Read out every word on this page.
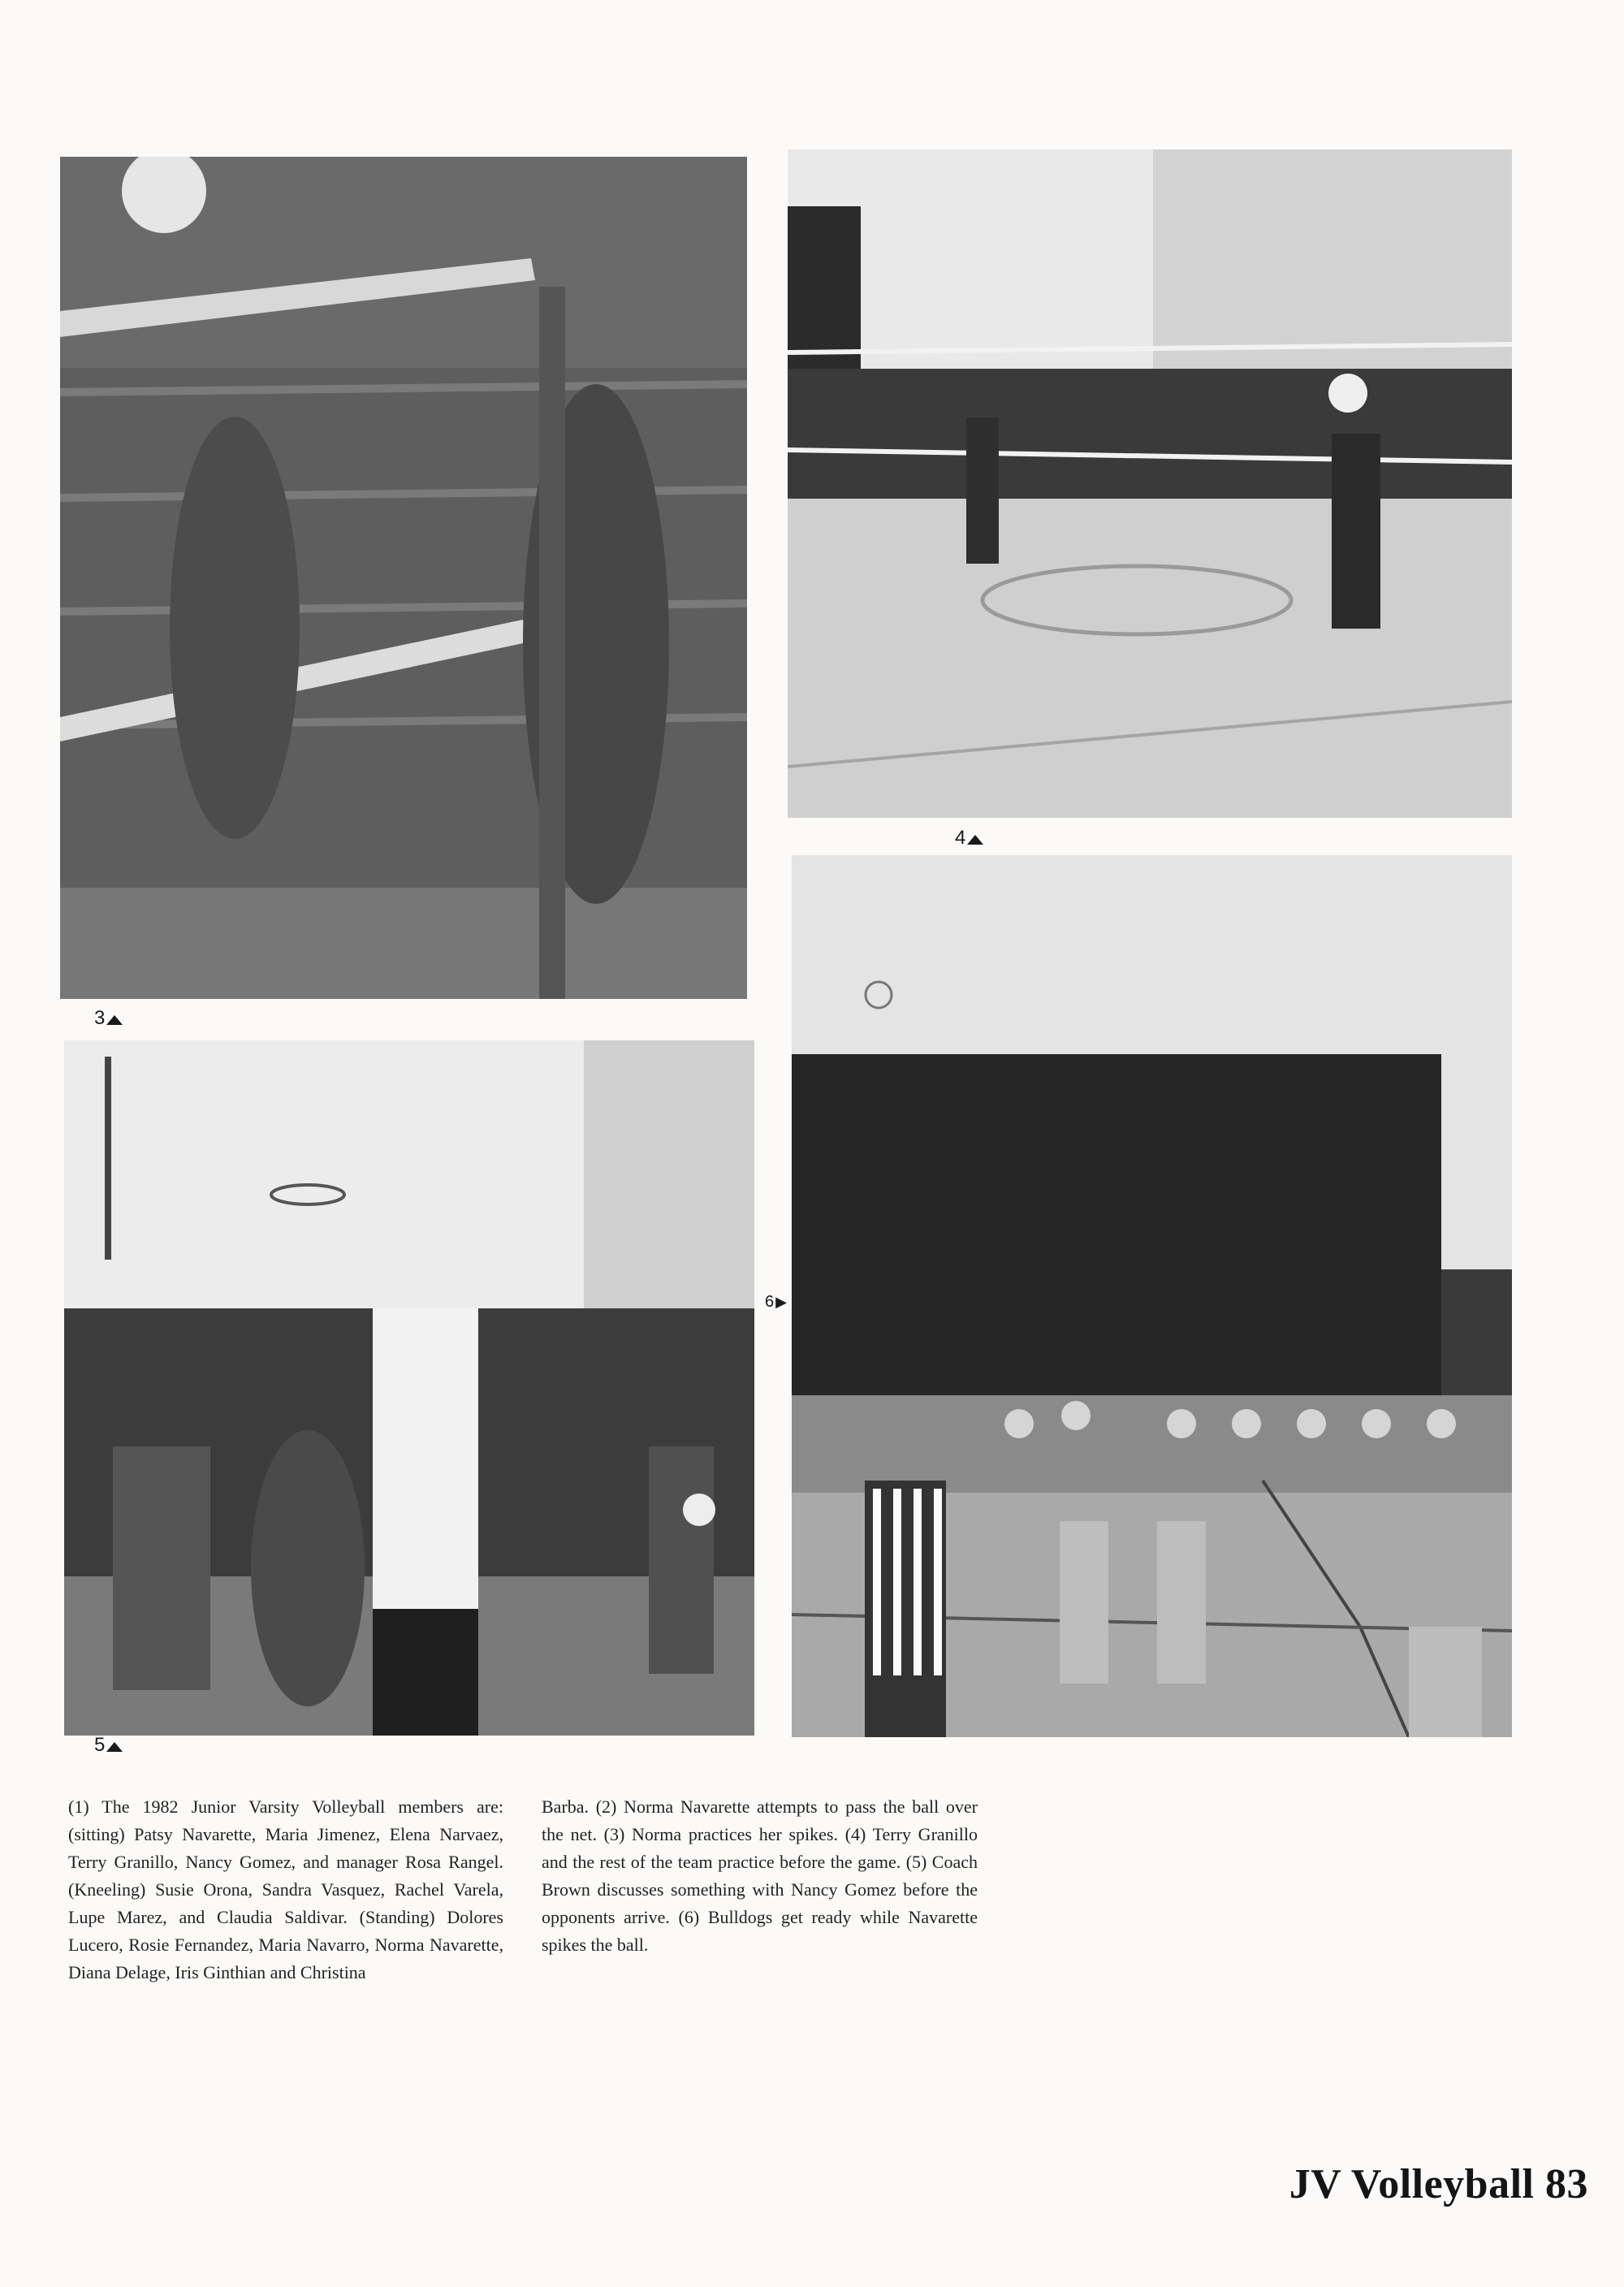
3
4
5
6 ▶

(1) The 1982 Junior Varsity Volleyball members are: (sitting) Patsy Navarette, Maria Jimenez, Elena Narvaez, Terry Granillo, Nancy Gomez, and manager Rosa Rangel. (Kneeling) Susie Orona, Sandra Vasquez, Rachel Varela, Lupe Marez, and Claudia Saldivar. (Standing) Dolores Lucero, Rosie Fernandez, Maria Navarro, Norma Navarette, Diana Delage, Iris Ginthian and Christina

Barba. (2) Norma Navarette attempts to pass the ball over the net. (3) Norma practices her spikes. (4) Terry Granillo and the rest of the team practice before the game. (5) Coach Brown discusses something with Nancy Gomez before the opponents arrive. (6) Bulldogs get ready while Navarette spikes the ball.

JV Volleyball 83
